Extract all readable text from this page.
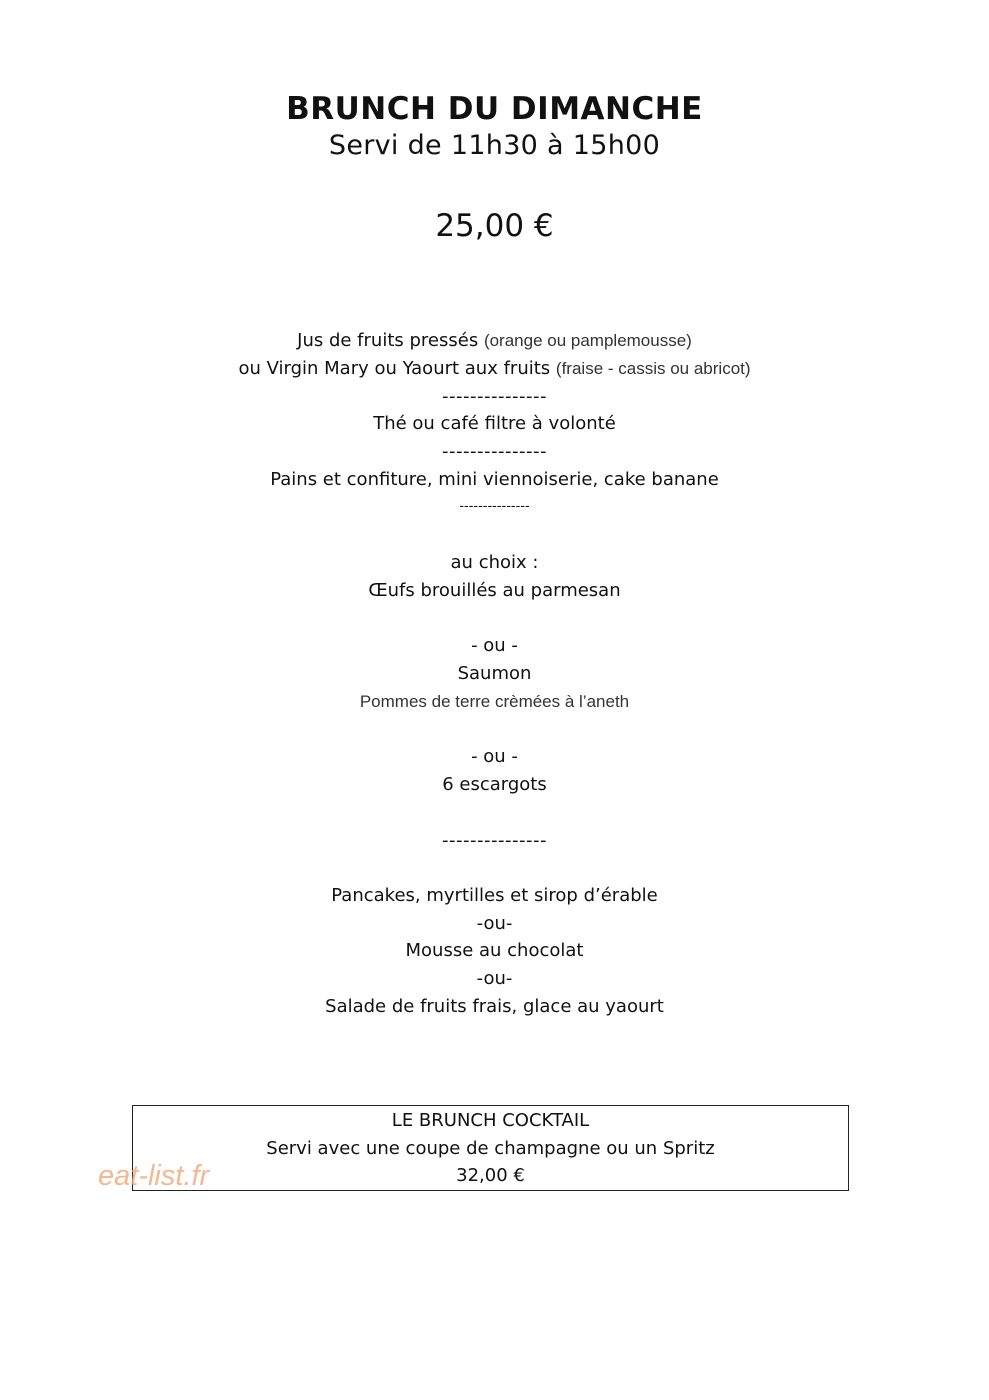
BRUNCH DU DIMANCHE
Servi de 11h30 à 15h00
25,00 €
Jus de fruits pressés (orange ou pamplemousse)
ou Virgin Mary ou Yaourt aux fruits (fraise - cassis ou abricot)
---------------
Thé ou café filtre à volonté
---------------
Pains et confiture, mini viennoiserie, cake banane
---------------
au choix :
Œufs brouillés au parmesan
- ou -
Saumon
Pommes de terre crèmées à l’aneth
- ou -
6 escargots
---------------
Pancakes, myrtilles et sirop d’érable
-ou-
Mousse au chocolat
-ou-
Salade de fruits frais, glace au yaourt
LE BRUNCH COCKTAIL
Servi avec une coupe de champagne ou un Spritz
32,00 €
eat-list.fr
